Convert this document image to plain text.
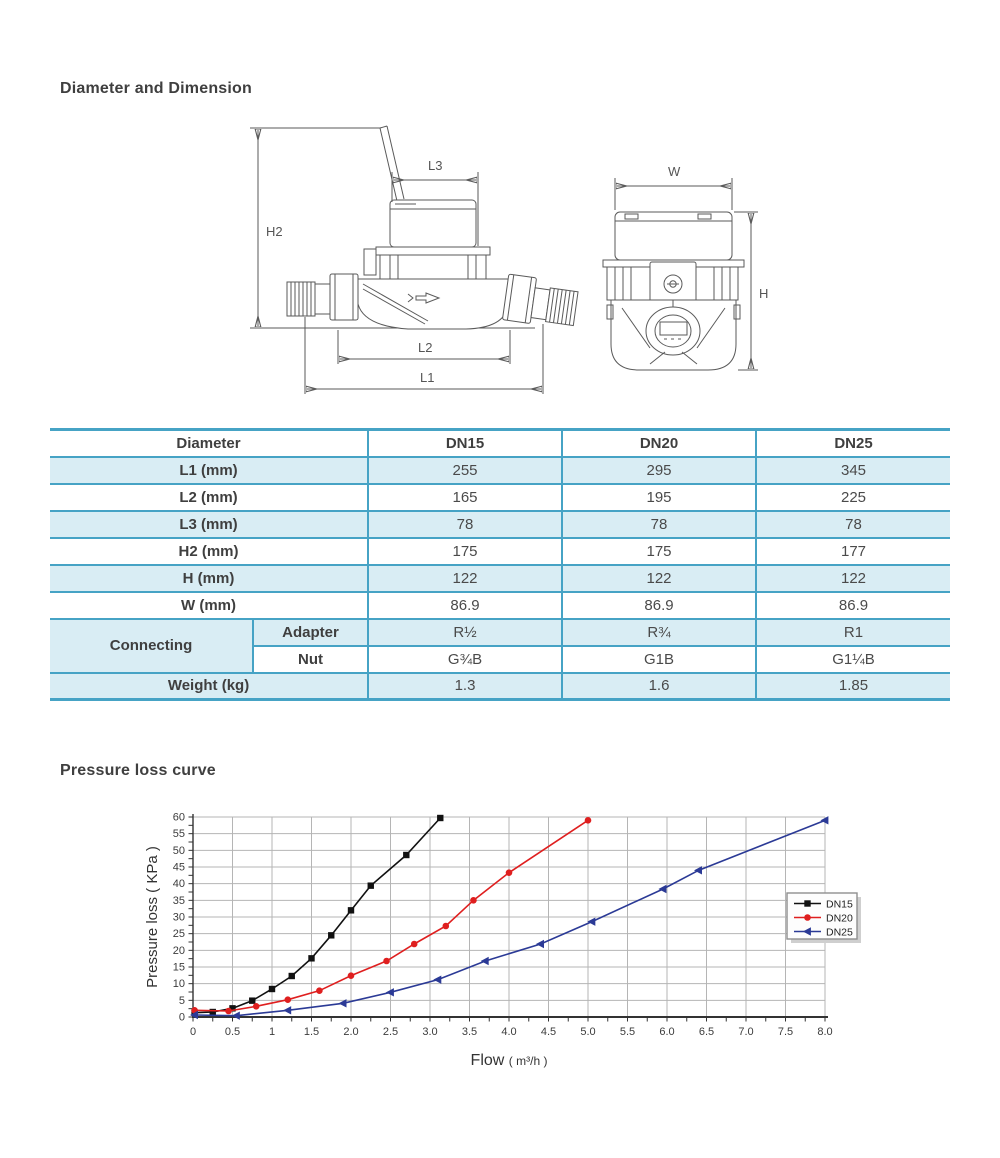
Diameter and Dimension
H2
L3
L2
L1
W
H
Diameter		DN15	DN20	DN25
L1 (mm)		255	295	345
L2 (mm)		165	195	225
L3 (mm)		78	78	78
H2 (mm)		175	175	177
H (mm)		122	122	122
W (mm)		86.9	86.9	86.9
Connecting	Adapter	R½	R¾	R1
	Nut	G¾B	G1B	G1¼B
Weight (kg)		1.3	1.6	1.85
Pressure loss curve
0	0.5	1	1.5 2.0 2.5 3.0 3.5 4.0 4.5 5.0 5.5 6.0 6.5 7.0 7.5 8.0
0
5
10
15
20
25
30
35
40
45
50
55
60
Pressure loss ( KPa )
Flow ( m³/h )
DN15
DN20
DN25
